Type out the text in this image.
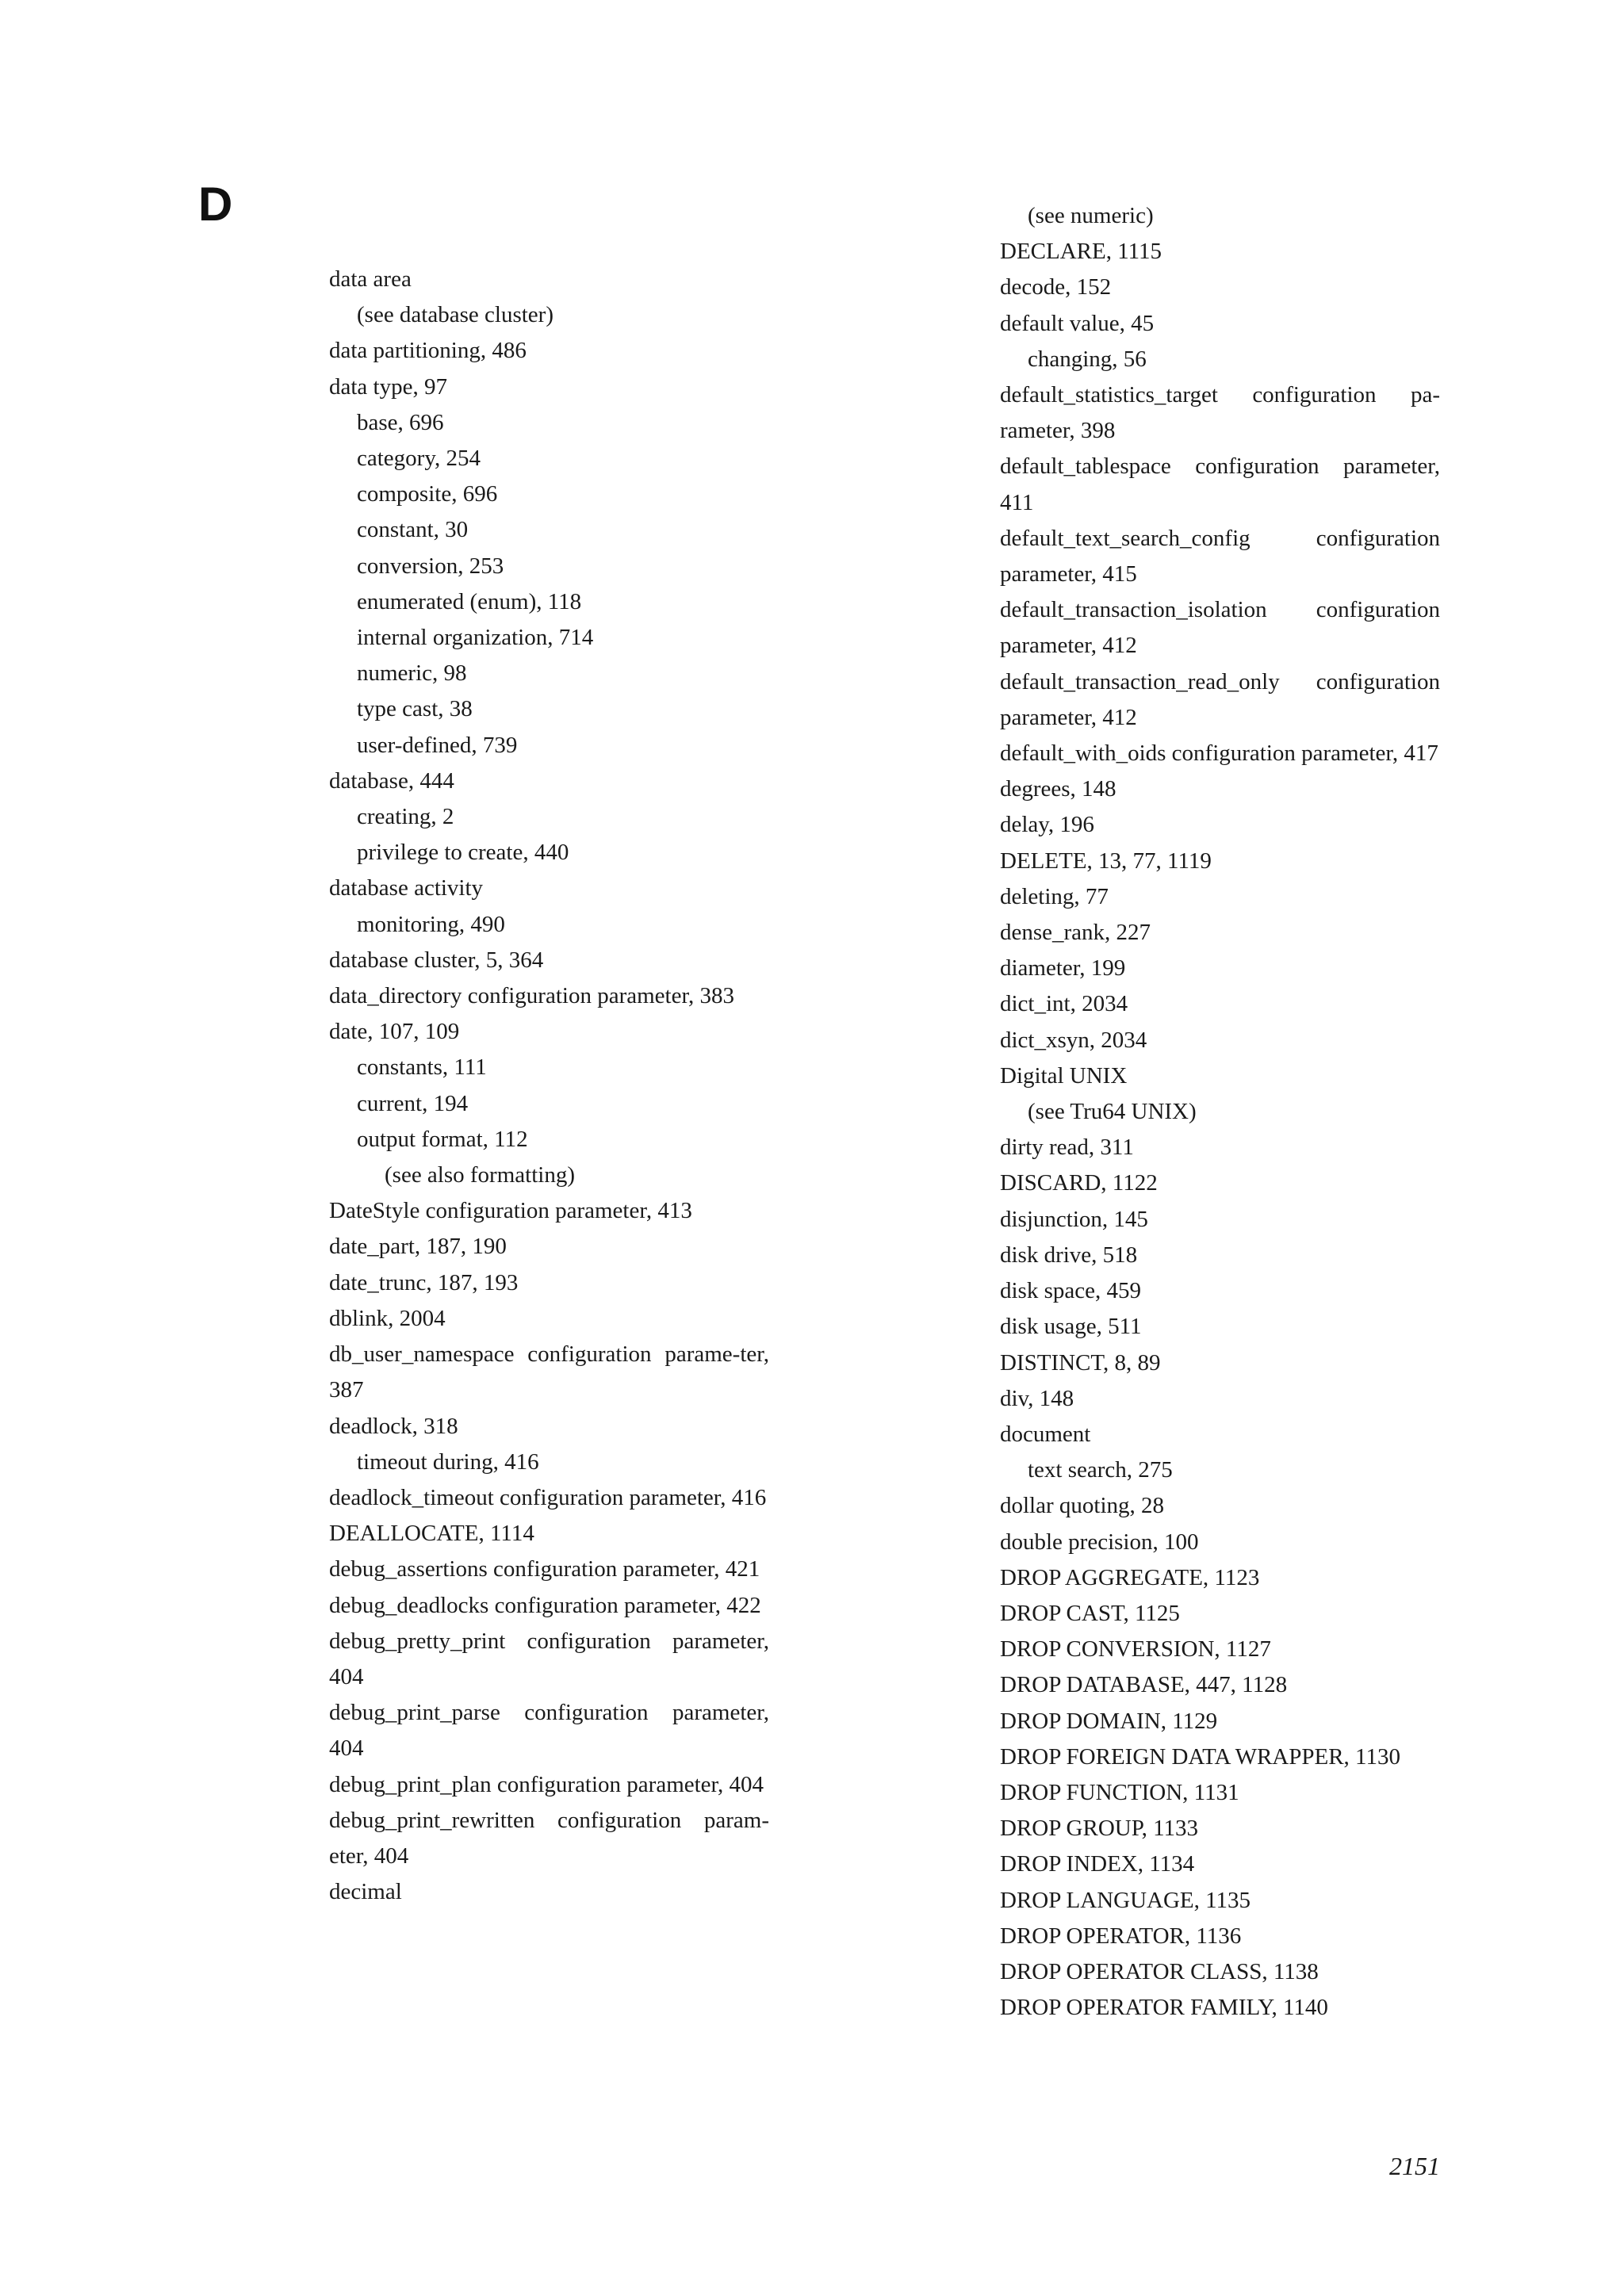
D
data area
(see database cluster)
data partitioning, 486
data type, 97
base, 696
category, 254
composite, 696
constant, 30
conversion, 253
enumerated (enum), 118
internal organization, 714
numeric, 98
type cast, 38
user-defined, 739
database, 444
creating, 2
privilege to create, 440
database activity
monitoring, 490
database cluster, 5, 364
data_directory configuration parameter, 383
date, 107, 109
constants, 111
current, 194
output format, 112
(see also formatting)
DateStyle configuration parameter, 413
date_part, 187, 190
date_trunc, 187, 193
dblink, 2004
db_user_namespace configuration parame-ter, 387
deadlock, 318
timeout during, 416
deadlock_timeout configuration parameter, 416
DEALLOCATE, 1114
debug_assertions configuration parameter, 421
debug_deadlocks configuration parameter, 422
debug_pretty_print configuration parameter, 404
debug_print_parse configuration parameter, 404
debug_print_plan configuration parameter, 404
debug_print_rewritten configuration param-eter, 404
decimal
(see numeric)
DECLARE, 1115
decode, 152
default value, 45
changing, 56
default_statistics_target configuration pa-rameter, 398
default_tablespace configuration parameter, 411
default_text_search_config configuration parameter, 415
default_transaction_isolation configuration parameter, 412
default_transaction_read_only configuration parameter, 412
default_with_oids configuration parameter, 417
degrees, 148
delay, 196
DELETE, 13, 77, 1119
deleting, 77
dense_rank, 227
diameter, 199
dict_int, 2034
dict_xsyn, 2034
Digital UNIX
(see Tru64 UNIX)
dirty read, 311
DISCARD, 1122
disjunction, 145
disk drive, 518
disk space, 459
disk usage, 511
DISTINCT, 8, 89
div, 148
document
text search, 275
dollar quoting, 28
double precision, 100
DROP AGGREGATE, 1123
DROP CAST, 1125
DROP CONVERSION, 1127
DROP DATABASE, 447, 1128
DROP DOMAIN, 1129
DROP FOREIGN DATA WRAPPER, 1130
DROP FUNCTION, 1131
DROP GROUP, 1133
DROP INDEX, 1134
DROP LANGUAGE, 1135
DROP OPERATOR, 1136
DROP OPERATOR CLASS, 1138
DROP OPERATOR FAMILY, 1140
2151
